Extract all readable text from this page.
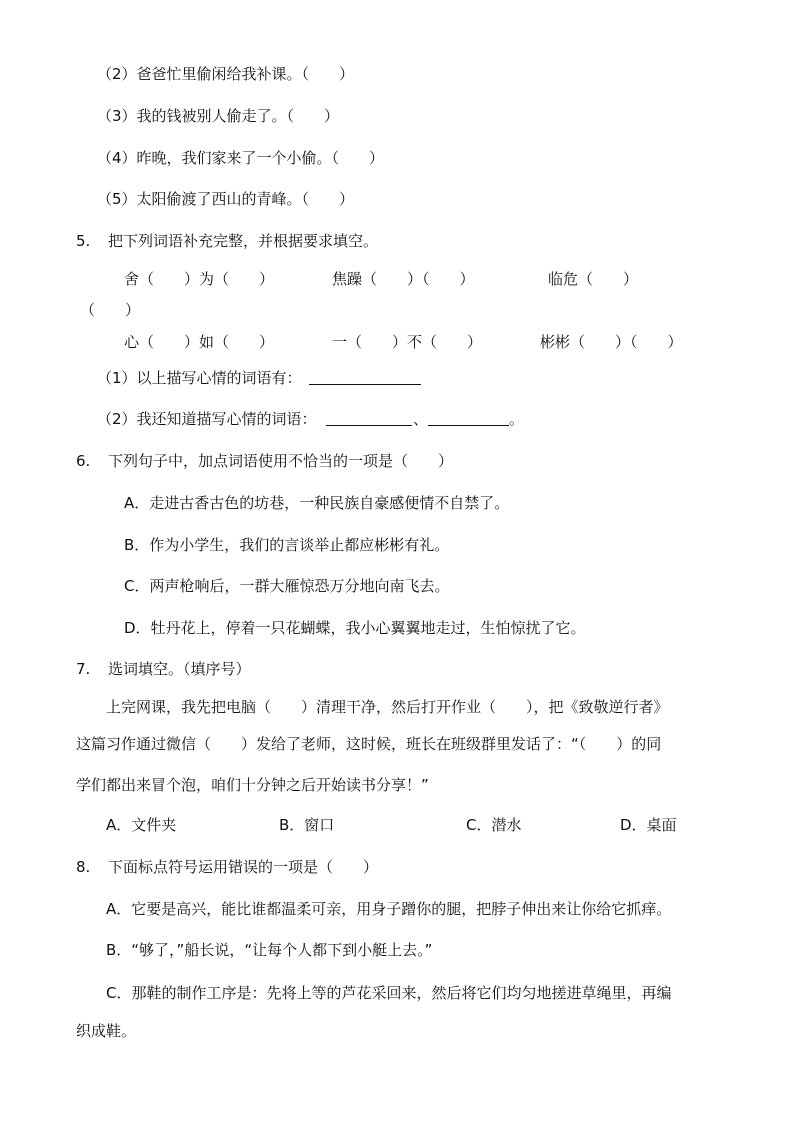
（2）爸爸忙里偷闲给我补课。（　　）
（3）我的钱被别人偷走了。（　　）
（4）昨晚，我们家来了一个小偷。（　　）
（5）太阳偷渡了西山的青峰。（　　）
5. 把下列词语补充完整，并根据要求填空。
舍（　　）为（　　）	焦躁（　　）（　　）	临危（　　）
（　　）
心（　　）如（　　）	一（　　）不（　　）	彬彬（　　）（　　）
（1）以上描写心情的词语有：
（2）我还知道描写心情的词语：	、	。
6. 下列句子中，加点词语使用不恰当的一项是（　　）
A．走进古香古色的坊巷，一种民族自豪感便情不自禁了。
B．作为小学生，我们的言谈举止都应彬彬有礼。
C．两声枪响后，一群大雁惊恐万分地向南飞去。
D．牡丹花上，停着一只花蝴蝶，我小心翼翼地走过，生怕惊扰了它。
7. 选词填空。（填序号）
上完网课，我先把电脑（　　）清理干净，然后打开作业（　　），把《致敬逆行者》
这篇习作通过微信（　　）发给了老师，这时候，班长在班级群里发话了：“（　　）的同
学们都出来冒个泡，咱们十分钟之后开始读书分享！”
A．文件夹	B．窗口	C．潜水	D．桌面
8. 下面标点符号运用错误的一项是（　　）
A．它要是高兴，能比谁都温柔可亲，用身子蹭你的腿，把脖子伸出来让你给它抓痒。
B．“够了，”船长说，“让每个人都下到小艇上去。”
C．那鞋的制作工序是：先将上等的芦花采回来，然后将它们均匀地搓进草绳里，再编
织成鞋。
